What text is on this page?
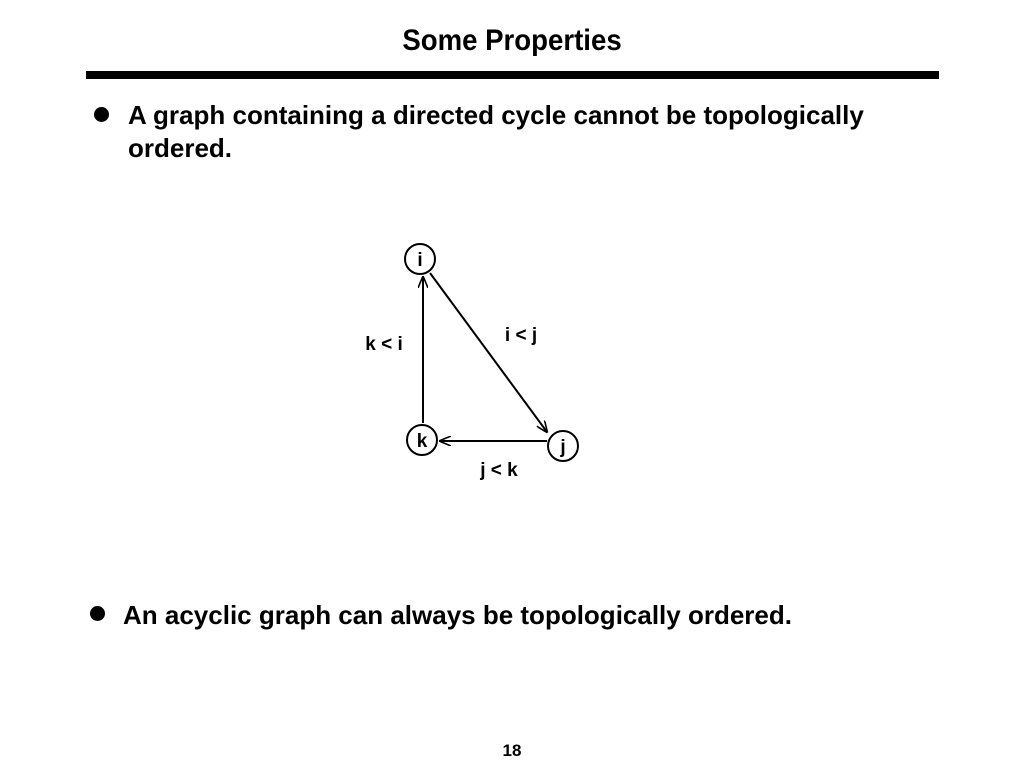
Some Properties
A graph containing a directed cycle cannot be topologically ordered.
i
k	j
i < j
j < k
k < i
An acyclic graph can always be topologically ordered.
18
